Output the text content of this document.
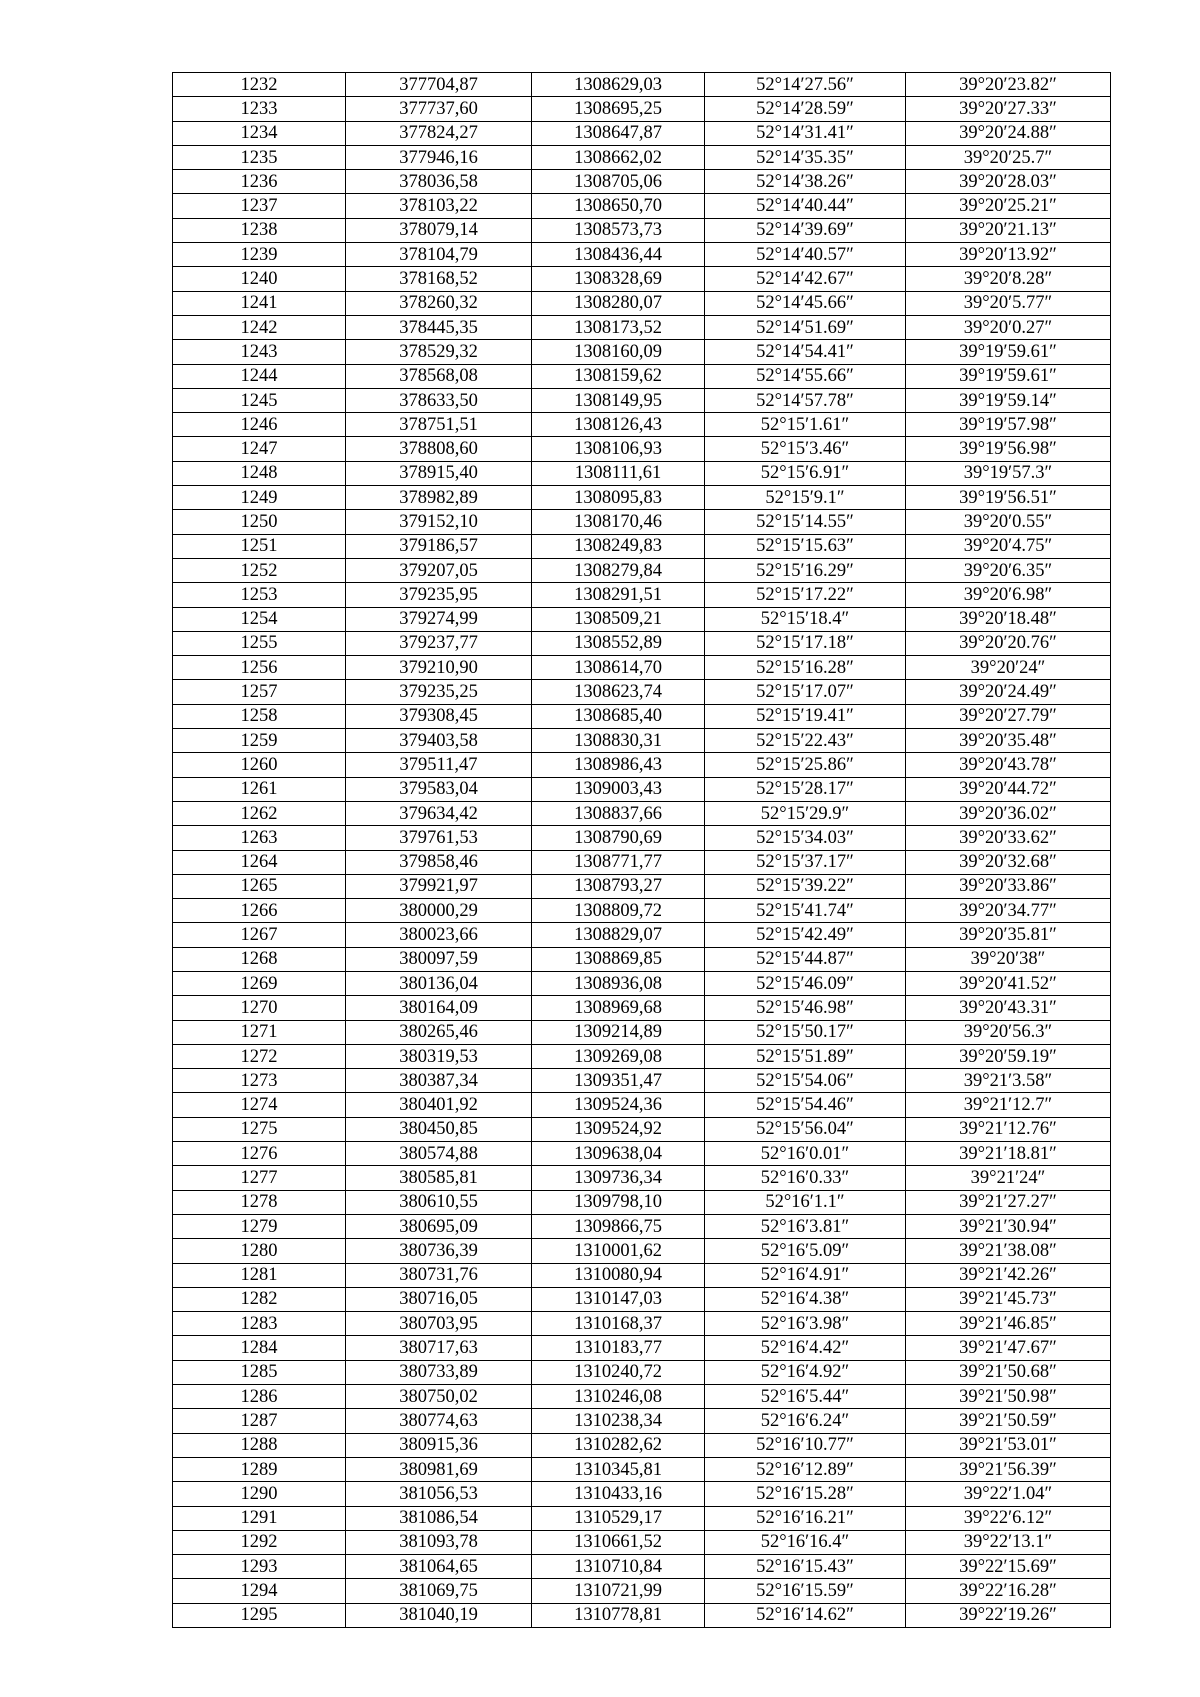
1232	377704,87	1308629,03	52°14′27.56″	39°20′23.82″
1233	377737,60	1308695,25	52°14′28.59″	39°20′27.33″
1234	377824,27	1308647,87	52°14′31.41″	39°20′24.88″
1235	377946,16	1308662,02	52°14′35.35″	39°20′25.7″
1236	378036,58	1308705,06	52°14′38.26″	39°20′28.03″
1237	378103,22	1308650,70	52°14′40.44″	39°20′25.21″
1238	378079,14	1308573,73	52°14′39.69″	39°20′21.13″
1239	378104,79	1308436,44	52°14′40.57″	39°20′13.92″
1240	378168,52	1308328,69	52°14′42.67″	39°20′8.28″
1241	378260,32	1308280,07	52°14′45.66″	39°20′5.77″
1242	378445,35	1308173,52	52°14′51.69″	39°20′0.27″
1243	378529,32	1308160,09	52°14′54.41″	39°19′59.61″
1244	378568,08	1308159,62	52°14′55.66″	39°19′59.61″
1245	378633,50	1308149,95	52°14′57.78″	39°19′59.14″
1246	378751,51	1308126,43	52°15′1.61″	39°19′57.98″
1247	378808,60	1308106,93	52°15′3.46″	39°19′56.98″
1248	378915,40	1308111,61	52°15′6.91″	39°19′57.3″
1249	378982,89	1308095,83	52°15′9.1″	39°19′56.51″
1250	379152,10	1308170,46	52°15′14.55″	39°20′0.55″
1251	379186,57	1308249,83	52°15′15.63″	39°20′4.75″
1252	379207,05	1308279,84	52°15′16.29″	39°20′6.35″
1253	379235,95	1308291,51	52°15′17.22″	39°20′6.98″
1254	379274,99	1308509,21	52°15′18.4″	39°20′18.48″
1255	379237,77	1308552,89	52°15′17.18″	39°20′20.76″
1256	379210,90	1308614,70	52°15′16.28″	39°20′24″
1257	379235,25	1308623,74	52°15′17.07″	39°20′24.49″
1258	379308,45	1308685,40	52°15′19.41″	39°20′27.79″
1259	379403,58	1308830,31	52°15′22.43″	39°20′35.48″
1260	379511,47	1308986,43	52°15′25.86″	39°20′43.78″
1261	379583,04	1309003,43	52°15′28.17″	39°20′44.72″
1262	379634,42	1308837,66	52°15′29.9″	39°20′36.02″
1263	379761,53	1308790,69	52°15′34.03″	39°20′33.62″
1264	379858,46	1308771,77	52°15′37.17″	39°20′32.68″
1265	379921,97	1308793,27	52°15′39.22″	39°20′33.86″
1266	380000,29	1308809,72	52°15′41.74″	39°20′34.77″
1267	380023,66	1308829,07	52°15′42.49″	39°20′35.81″
1268	380097,59	1308869,85	52°15′44.87″	39°20′38″
1269	380136,04	1308936,08	52°15′46.09″	39°20′41.52″
1270	380164,09	1308969,68	52°15′46.98″	39°20′43.31″
1271	380265,46	1309214,89	52°15′50.17″	39°20′56.3″
1272	380319,53	1309269,08	52°15′51.89″	39°20′59.19″
1273	380387,34	1309351,47	52°15′54.06″	39°21′3.58″
1274	380401,92	1309524,36	52°15′54.46″	39°21′12.7″
1275	380450,85	1309524,92	52°15′56.04″	39°21′12.76″
1276	380574,88	1309638,04	52°16′0.01″	39°21′18.81″
1277	380585,81	1309736,34	52°16′0.33″	39°21′24″
1278	380610,55	1309798,10	52°16′1.1″	39°21′27.27″
1279	380695,09	1309866,75	52°16′3.81″	39°21′30.94″
1280	380736,39	1310001,62	52°16′5.09″	39°21′38.08″
1281	380731,76	1310080,94	52°16′4.91″	39°21′42.26″
1282	380716,05	1310147,03	52°16′4.38″	39°21′45.73″
1283	380703,95	1310168,37	52°16′3.98″	39°21′46.85″
1284	380717,63	1310183,77	52°16′4.42″	39°21′47.67″
1285	380733,89	1310240,72	52°16′4.92″	39°21′50.68″
1286	380750,02	1310246,08	52°16′5.44″	39°21′50.98″
1287	380774,63	1310238,34	52°16′6.24″	39°21′50.59″
1288	380915,36	1310282,62	52°16′10.77″	39°21′53.01″
1289	380981,69	1310345,81	52°16′12.89″	39°21′56.39″
1290	381056,53	1310433,16	52°16′15.28″	39°22′1.04″
1291	381086,54	1310529,17	52°16′16.21″	39°22′6.12″
1292	381093,78	1310661,52	52°16′16.4″	39°22′13.1″
1293	381064,65	1310710,84	52°16′15.43″	39°22′15.69″
1294	381069,75	1310721,99	52°16′15.59″	39°22′16.28″
1295	381040,19	1310778,81	52°16′14.62″	39°22′19.26″
